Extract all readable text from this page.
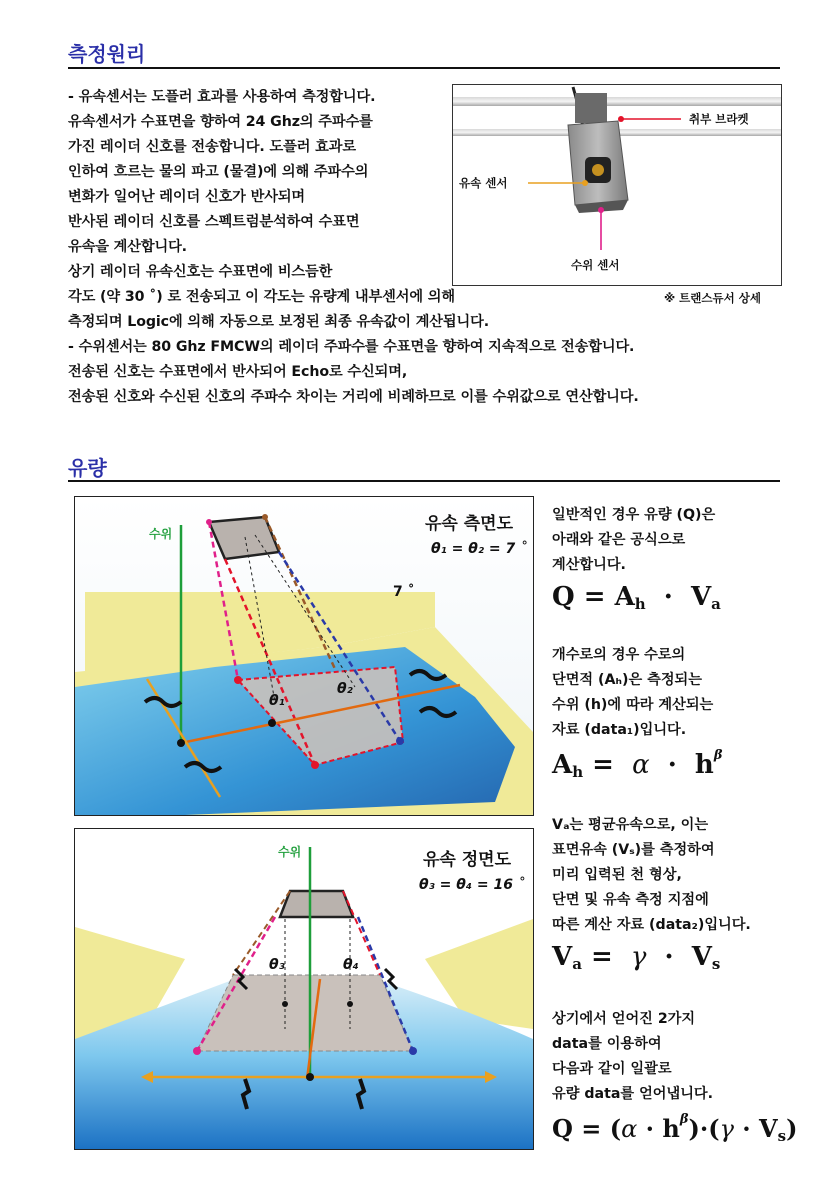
측정원리
- 유속센서는 도플러 효과를 사용하여 측정합니다.
유속센서가 수표면을 향하여 24 Ghz의 주파수를
가진 레이더 신호를 전송합니다. 도플러 효과로
인하여 흐르는 물의 파고 (물결)에 의해 주파수의
변화가 일어난 레이더 신호가 반사되며
반사된 레이더 신호를 스펙트럼분석하여 수표면
유속을 계산합니다.
상기 레이더 유속신호는 수표면에 비스듬한
각도 (약 30 ˚) 로 전송되고 이 각도는 유량계 내부센서에 의해
측정되며 Logic에 의해 자동으로 보정된 최종 유속값이 계산됩니다.
- 수위센서는 80 Ghz FMCW의 레이더 주파수를 수표면을 향하여 지속적으로 전송합니다.
전송된 신호는 수표면에서 반사되어 Echo로 수신되며,
전송된 신호와 수신된 신호의 주파수 차이는 거리에 비례하므로 이를 수위값으로 연산합니다.
취부 브라켓
유속 센서
수위 센서
※ 트랜스듀서 상세
유량
유속 측면도
θ₁ = θ₂ = 7 ˚
7 ˚
수위
θ₁
θ₂
유속 정면도
θ₃ = θ₄ = 16 ˚
수위
θ₃	θ₄
일반적인 경우 유량 (Q)은
아래와 같은 공식으로
계산합니다.
$Q = A_h \cdot V_a$
개수로의 경우 수로의
단면적 (Aₕ)은 측정되는
수위 (h)에 따라 계산되는
자료 (data₁)입니다.
$A_h = \alpha \cdot h^\beta$
Vₐ는 평균유속으로, 이는
표면유속 (Vₛ)를 측정하여
미리 입력된 천 형상,
단면 및 유속 측정 지점에
따른 계산 자료 (data₂)입니다.
$V_a = \gamma \cdot V_s$
상기에서 얻어진 2가지
data를 이용하여
다음과 같이 일괄로
유량 data를 얻어냅니다.
$Q = (\alpha \cdot h^\beta)\cdot(\gamma \cdot V_s)$
